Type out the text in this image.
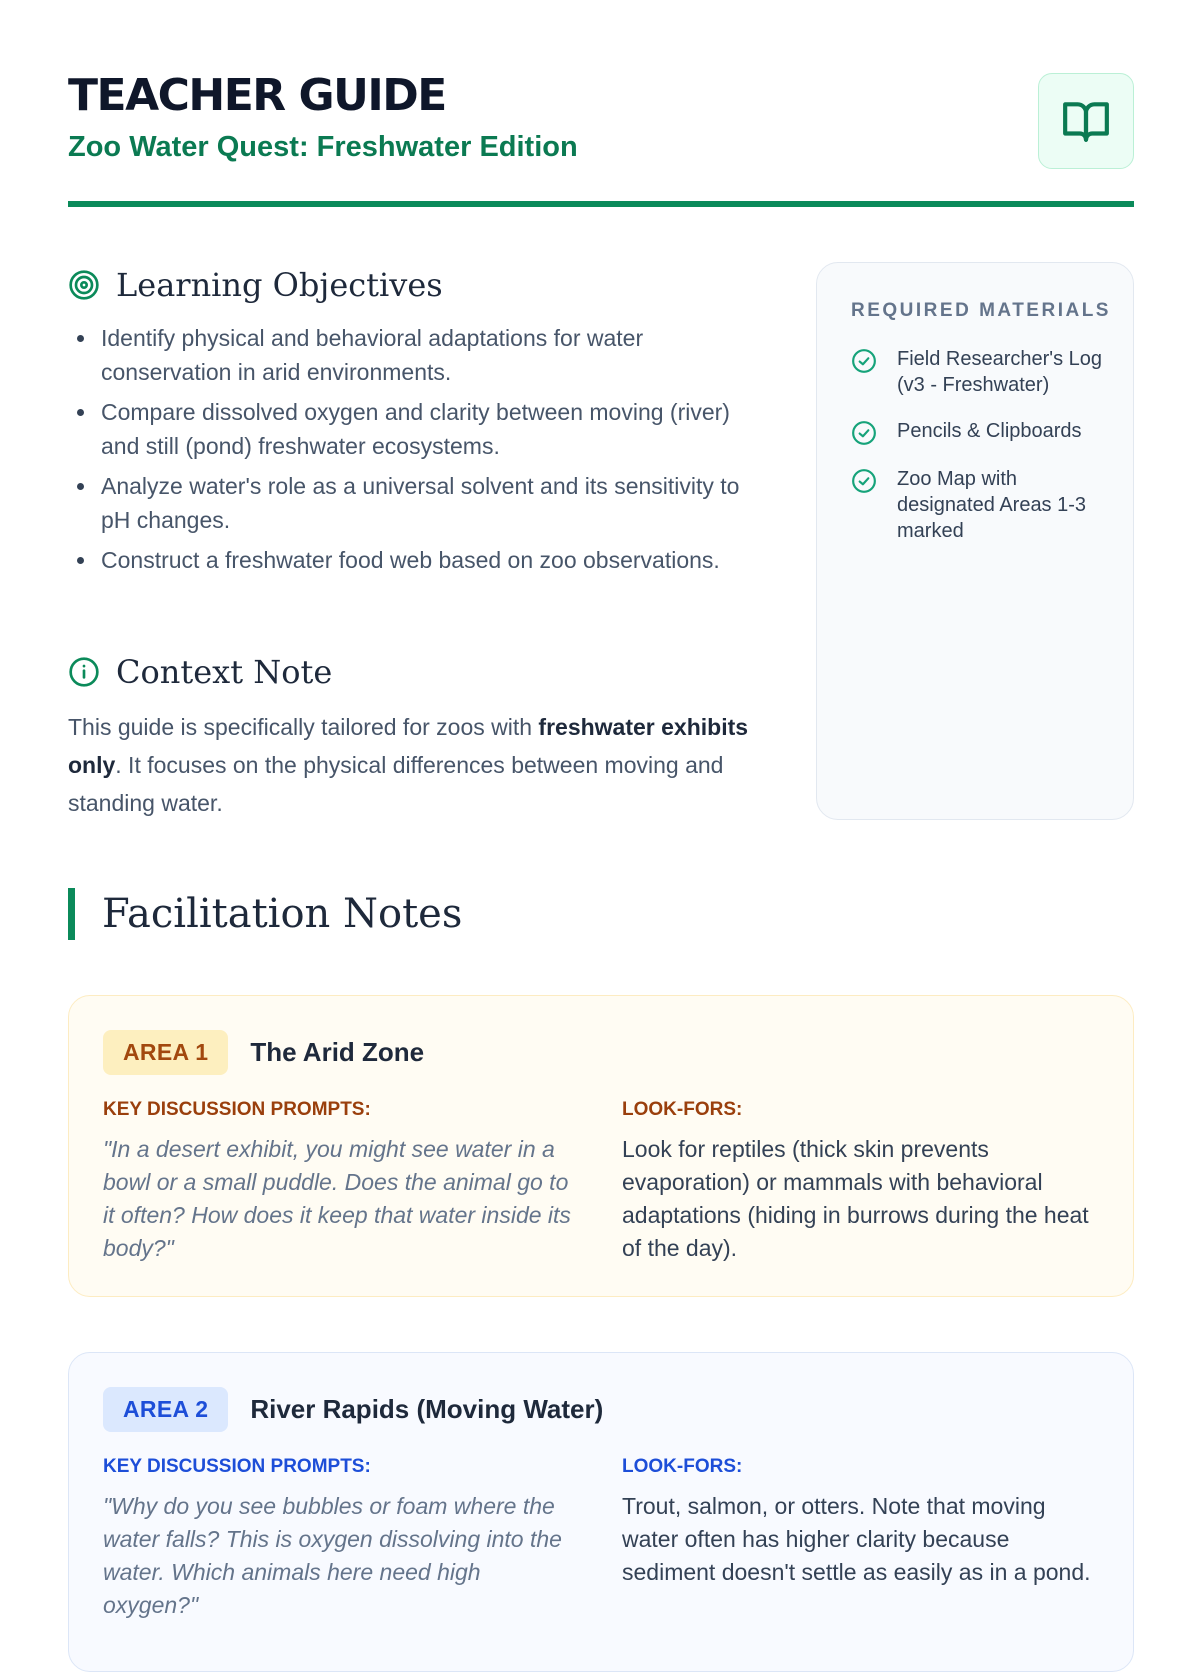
TEACHER GUIDE
Zoo Water Quest: Freshwater Edition
Learning Objectives
Identify physical and behavioral adaptations for water conservation in arid environments.
Compare dissolved oxygen and clarity between moving (river) and still (pond) freshwater ecosystems.
Analyze water's role as a universal solvent and its sensitivity to pH changes.
Construct a freshwater food web based on zoo observations.
Context Note

This guide is specifically tailored for zoos with freshwater exhibits only. It focuses on the physical differences between moving and standing water.

REQUIRED MATERIALS
Field Researcher's Log (v3 - Freshwater)
Pencils & Clipboards
Zoo Map with designated Areas 1-3 marked
Facilitation Notes
AREA 1	The Arid Zone
KEY DISCUSSION PROMPTS:
"In a desert exhibit, you might see water in a bowl or a small puddle. Does the animal go to it often? How does it keep that water inside its body?"
LOOK-FORS:
Look for reptiles (thick skin prevents evaporation) or mammals with behavioral adaptations (hiding in burrows during the heat of the day).
AREA 2	River Rapids (Moving Water)
KEY DISCUSSION PROMPTS:
"Why do you see bubbles or foam where the water falls? This is oxygen dissolving into the water. Which animals here need high oxygen?"
LOOK-FORS:
Trout, salmon, or otters. Note that moving water often has higher clarity because sediment doesn't settle as easily as in a pond.
